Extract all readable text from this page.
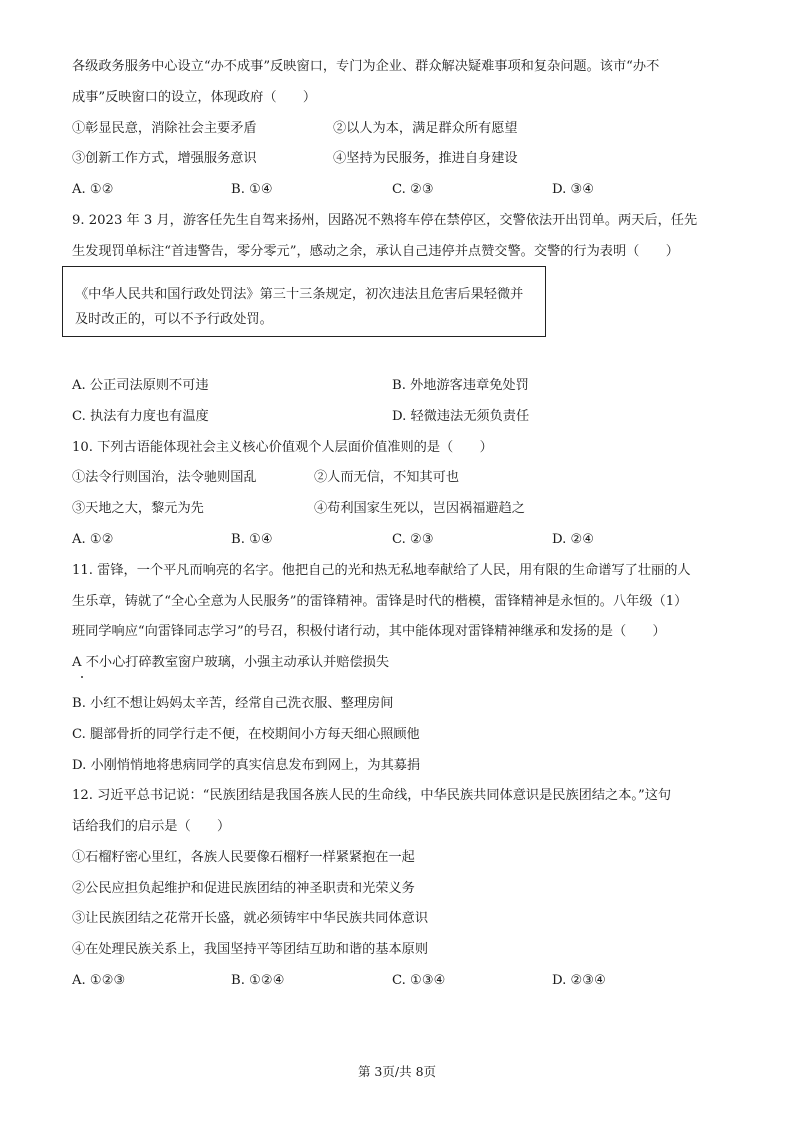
各级政务服务中心设立“办不成事”反映窗口，专门为企业、群众解决疑难事项和复杂问题。该市“办不
成事”反映窗口的设立，体现政府（　　）
①彰显民意，消除社会主要矛盾	②以人为本，满足群众所有愿望
③创新工作方式，增强服务意识	④坚持为民服务，推进自身建设
A. ①②	B. ①④	C. ②③	D. ③④
9. 2023 年 3 月，游客任先生自驾来扬州，因路况不熟将车停在禁停区，交警依法开出罚单。两天后，任先
生发现罚单标注“首违警告，零分零元”，感动之余，承认自己违停并点赞交警。交警的行为表明（　　）
《中华人民共和国行政处罚法》第三十三条规定，初次违法且危害后果轻微并
及时改正的，可以不予行政处罚。
A. 公正司法原则不可违	B. 外地游客违章免处罚
C. 执法有力度也有温度	D. 轻微违法无须负责任
10. 下列古语能体现社会主义核心价值观个人层面价值准则的是（　　）
①法令行则国治，法令驰则国乱	②人而无信，不知其可也
③天地之大，黎元为先	④苟利国家生死以，岂因祸福避趋之
A. ①②	B. ①④	C. ②③	D. ②④
11. 雷锋，一个平凡而响亮的名字。他把自己的光和热无私地奉献给了人民，用有限的生命谱写了壮丽的人
生乐章，铸就了“全心全意为人民服务”的雷锋精神。雷锋是时代的楷模，雷锋精神是永恒的。八年级（1）
班同学响应“向雷锋同志学习”的号召，积极付诸行动，其中能体现对雷锋精神继承和发扬的是（　　）
A 不小心打碎教室窗户玻璃，小强主动承认并赔偿损失
B. 小红不想让妈妈太辛苦，经常自己洗衣服、整理房间
C. 腿部骨折的同学行走不便，在校期间小方每天细心照顾他
D. 小刚悄悄地将患病同学的真实信息发布到网上，为其募捐
12. 习近平总书记说：“民族团结是我国各族人民的生命线，中华民族共同体意识是民族团结之本。”这句
话给我们的启示是（　　）
①石榴籽密心里红，各族人民要像石榴籽一样紧紧抱在一起
②公民应担负起维护和促进民族团结的神圣职责和光荣义务
③让民族团结之花常开长盛，就必须铸牢中华民族共同体意识
④在处理民族关系上，我国坚持平等团结互助和谐的基本原则
A. ①②③	B. ①②④	C. ①③④	D. ②③④
第 3页/共 8页
